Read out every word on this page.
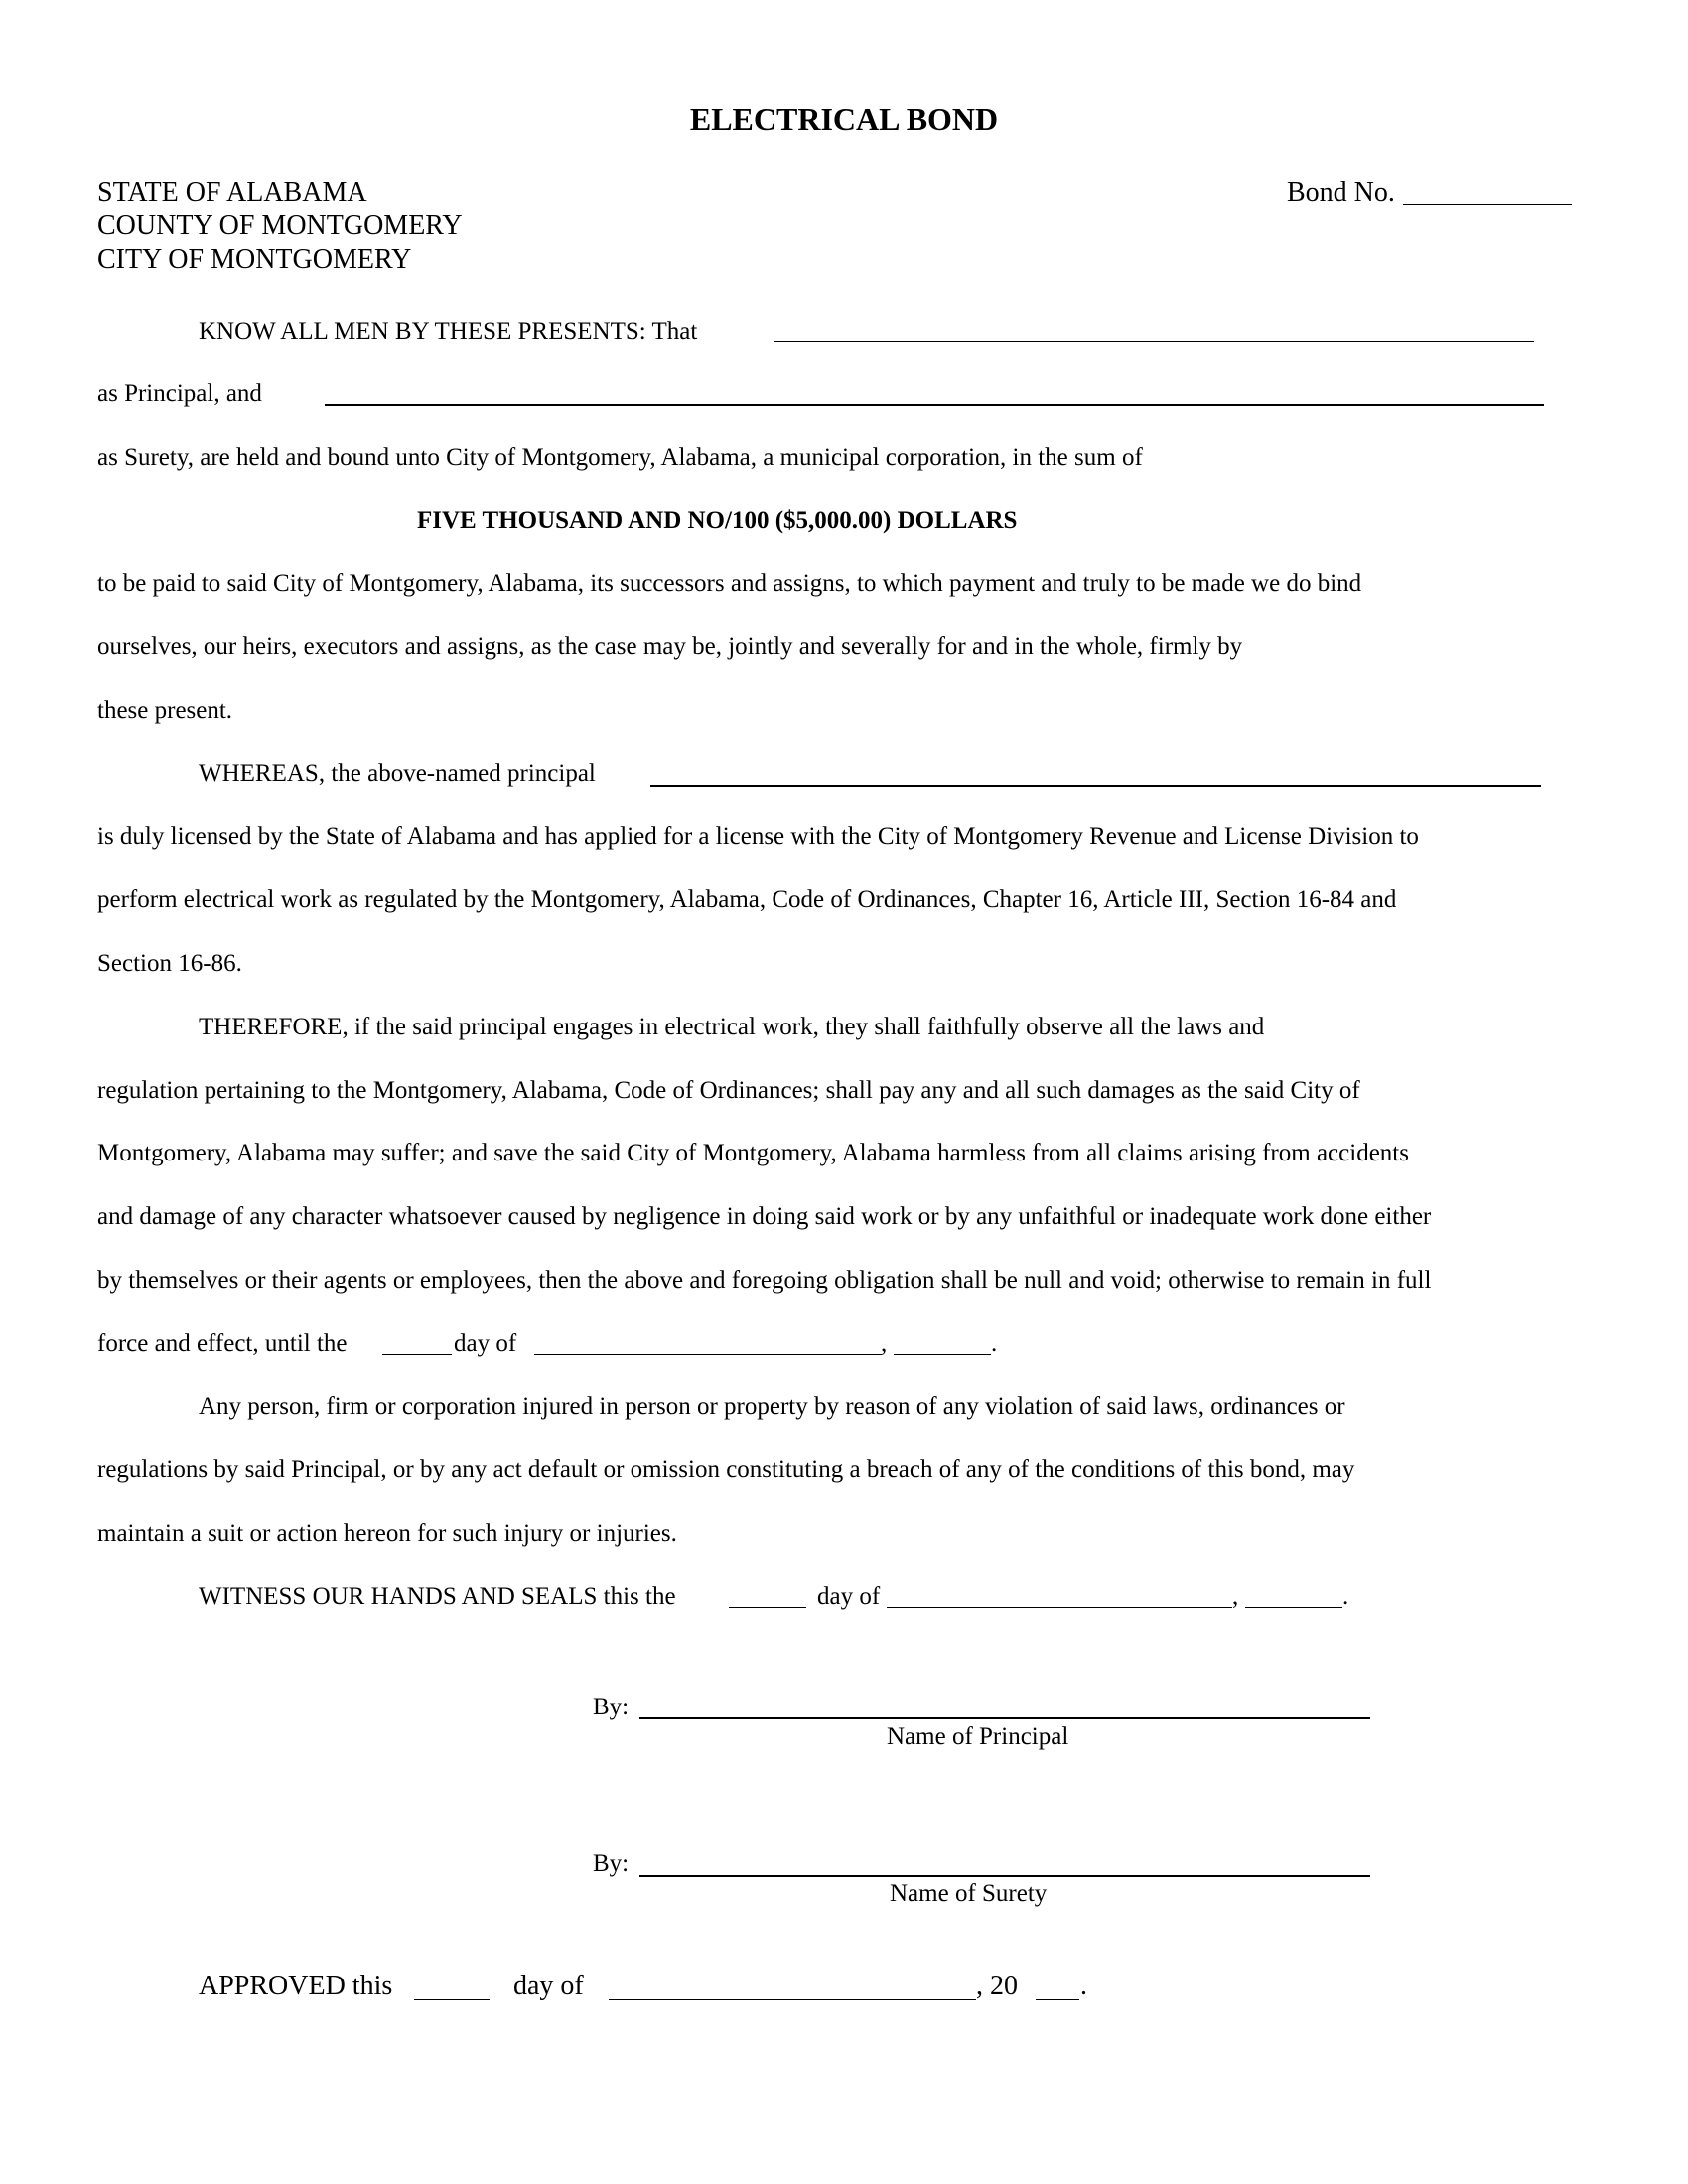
ELECTRICAL BOND
STATE OF ALABAMA
COUNTY OF MONTGOMERY
CITY OF MONTGOMERY
Bond No.
KNOW ALL MEN BY THESE PRESENTS: That
as Principal, and
as Surety, are held and bound unto City of Montgomery, Alabama, a municipal corporation, in the sum of
FIVE THOUSAND AND NO/100 ($5,000.00) DOLLARS
to be paid to said City of Montgomery, Alabama, its successors and assigns, to which payment and truly to be made we do bind
ourselves, our heirs, executors and assigns, as the case may be, jointly and severally for and in the whole, firmly by
these present.
WHEREAS, the above-named principal
is duly licensed by the State of Alabama and has applied for a license with the City of Montgomery Revenue and License Division to
perform electrical work as regulated by the Montgomery, Alabama, Code of Ordinances, Chapter 16, Article III, Section 16-84 and
Section 16-86.
THEREFORE, if the said principal engages in electrical work, they shall faithfully observe all the laws and
regulation pertaining to the Montgomery, Alabama, Code of Ordinances; shall pay any and all such damages as the said City of
Montgomery, Alabama may suffer; and save the said City of Montgomery, Alabama harmless from all claims arising from accidents
and damage of any character whatsoever caused by negligence in doing said work or by any unfaithful or inadequate work done either
by themselves or their agents or employees, then the above and foregoing obligation shall be null and void; otherwise to remain in full
force and effect, until the	day of	,	.
Any person, firm or corporation injured in person or property by reason of any violation of said laws, ordinances or
regulations by said Principal, or by any act default or omission constituting a breach of any of the conditions of this bond, may
maintain a suit or action hereon for such injury or injuries.
WITNESS OUR HANDS AND SEALS this the	day of	,	.
By:
Name of Principal
By:
Name of Surety
APPROVED this	day of	, 20 .
